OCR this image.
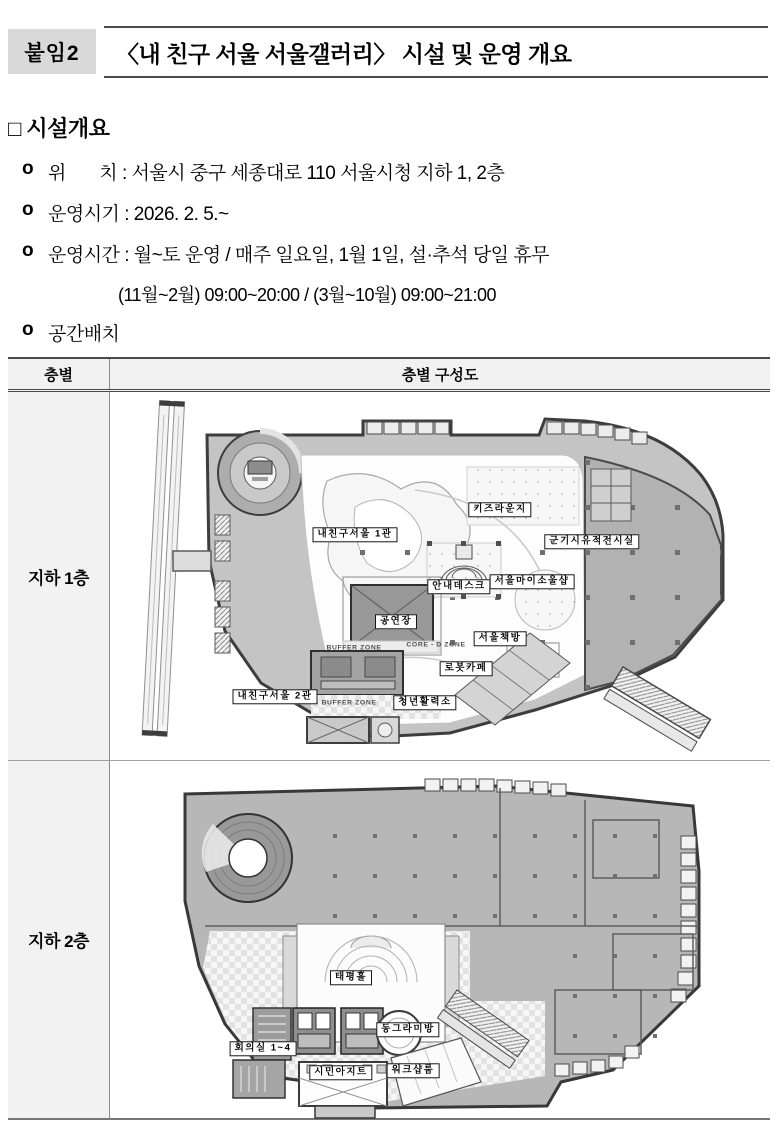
붙임2	〈내 친구 서울 서울갤러리〉 시설 및 운영 개요
□ 시설개요
o 위       치 : 서울시 중구 세종대로 110 서울시청 지하 1, 2층
o 운영시기 : 2026. 2. 5.~
o 운영시간 : 월~토 운영 / 매주 일요일, 1월 1일, 설·추석 당일 휴무
(11월~2월) 09:00~20:00 / (3월~10월) 09:00~21:00
o 공간배치
층별	층별 구성도
지하 1층
내친구서울 1관
키즈라운지
군기시유적전시실
안내데스크 서울마이소울샵
공연장
CORE - D ZONE
BUFFER ZONE
서울책방
로봇카페
내친구서울 2관
BUFFER ZONE	청년활력소
지하 2층
태평홀
동그라미방
회의실 1~4
시민아지트	워크샵룸
